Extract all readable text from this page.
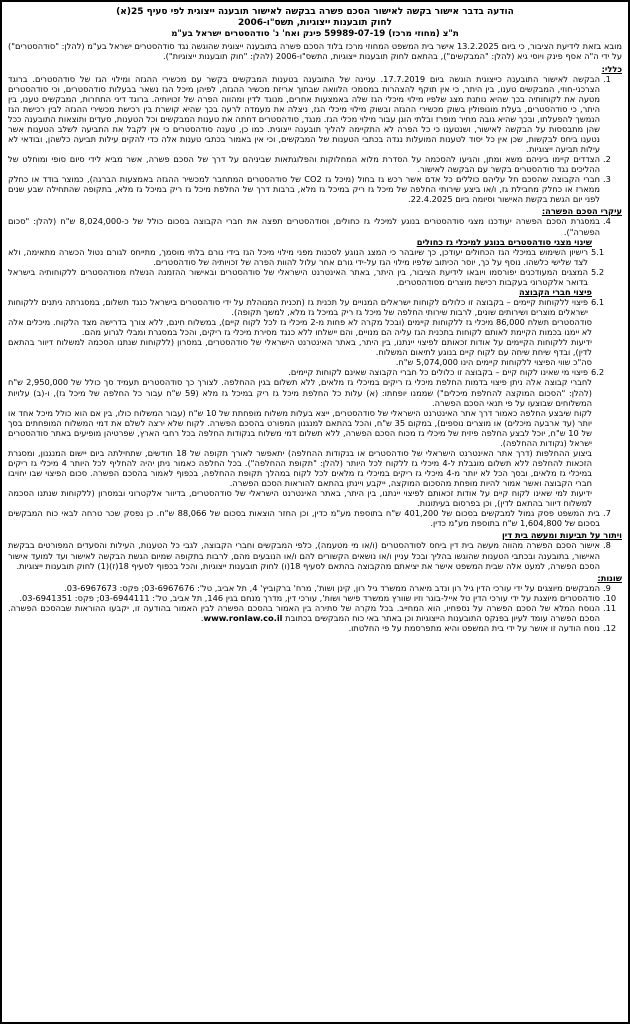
הודעה בדבר אישור בקשה לאישור הסכם פשרה בבקשה לאישור תובענה ייצוגית לפי סעיף 25(א)

לחוק תובענות ייצוגיות, תשס"ו-2006

ת"צ (מחוזי מרכז) 59989-07-19 פינק ואח' נ' סודהסטרים ישראל בע"מ

מובא בזאת לידיעת הציבור, כי ביום 13.2.2025 אישר בית המשפט המחוזי מרכז בלוד הסכם פשרה בתובענה ייצוגית שהוגשה נגד סודהסטרים ישראל בע"מ (להלן: "סודהסטרים") על ידי ה"ה אסף פינק ויוסי גיא (להלן: "המבקשים"), בהתאם לחוק תובענות ייצוגיות, התשס"ו-2006 (להלן: "חוק תובענות ייצוגיות").

כללי:
1.
הבקשה לאישור התובענה כייצוגית הוגשה ביום 17.7.2019. עניינה של התובענה בטענות המבקשים בקשר עם מכשירי ההגזה ומילוי הגז של סודהסטרים. ברוגד הצרכני-חוזי, המבקשים טענו, בין היתר, כי אין תוקף להצהרות במסמכי הלוואה שבתוך אריזת מכשיר ההגזה, לפיהן מיכל הגז נשאר בבעלות סודהסטרים, וכי סודהסטרים מטעה את לקוחותיה בכך שהיא נותנת מצג שלפיו מילוי מיכלי הגז שלה באמצעות אחרים, מנוגד לדין ומהווה הפרה של זכויותיה. ברוגד דיני התחרות, המבקשים טענו, בין היתר, כי סודהסטרים, בעלת מונופולין בשוק מכשירי ההגזה ובשוק מילוי מיכלי הגז, ניצלה את מעמדה לרעה בכך שהיא קושרת בין רכישת מכשירי ההגזה לבין רכישת הגז הנמשך להפעלתו, ובכך שהיא גובה מחיר מופרז ובלתי הוגן עבור מילוי מכלי הגז. מנגד, סודהסטרים דחתה את טענות המבקשים וכל הטענות, סעדים ותוצאות התובענה ככל שהן מתבססות על הבקשה לאישור, ושנטענו כי כל הפרה לא התקיימה להליך תובענה ייצוגית. כמו כן, טענה סודהסטרים כי אין לקבל את התביעה לשלב הטענות אשר נטענו ביחס לבקשות, שכן אין כל יסוד לטענות המועלות נגדה בכתבי הטענות של המבקשים, וכי אין באמור בכתבי טענות אלה כדי להקים עילות תביעה כלשהן, ובודאי לא עילות תביעה ייצוגיות.
2.
הצדדים קיימו ביניהם משא ומתן, והגיעו להסכמה על הסדרת מלוא המחלוקות והפלוגתאות שביניהם על דרך של הסכם פשרה, אשר מביא לידי סיום סופי ומוחלט של ההליכים נגד סודהסטרים בקשר עם הבקשה לאישור.
3.
חברי הקבוצה שהסכם חל עליהם כוללים כל אדם אשר רכש גז בחול (מיכל גז CO2 של סודהסטרים המתחבר למכשיר ההגזה באמצעות הברגה), כמוצר בודד או כחלק ממארז או כחלק מחבילת גז, ו/או ביצע שירותי החלפה של מיכל גז ריק במיכל גז מלא, ברבות דרך של החלפת מיכל גז ריק במיכל גז מלא, בתקופה שהתחילה שבע שנים לפני יום הגשת בקשת האישור וסיומה ביום 22.4.2025.
עיקרי הסכם הפשרה:
4.
במסגרת הסכם הפשרה יעודכנו מצגי סודהסטרים בנוגע למיכלי גז כחולים, וסודהסטרים תפצה את חברי הקבוצה בסכום כולל של כ-8,024,000 ש"ח (להלן: "סכום הפשרה").
שינוי מצגי סודהסטרים בנוגע למיכלי גז כחולים
5.1
רישיון השימוש במיכלי הגז הכחולים יעודכן, כך שיובהר כי המצג הנוגע לסכנות מפני מילוי מיכל הגז בידי גורם בלתי מוסמך, מתייחס לגורם נטול הכשרה מתאימה, ולא לצד שלישי כלשהו. נוסף על כך, יוסר הכיתוב שלפיו מילוי הגז על-ידי גורם אחר עלול להוות הפרה של זכויותיה של סודהסטרים.
5.2
המצגים המעודכנים יפורסמו ויובאו לידיעת הציבור, בין היתר, באתר האינטרנט הישראלי של סודהסטרים ובאישור ההזמנה הנשלח מסודהסטרים ללקוחותיה בישראל בדואר אלקטרוני בעקבות רכישת מוצרים מסודהסטרים.
פיצוי חברי הקבוצה
6.1
פיצוי ללקוחות קיימים – בקבוצה זו כלולים לקוחות ישראלים המנויים על תכנית גז (תכנית המנוהלת על ידי סודהסטרים בישראל כנגד תשלום, במסגרתה ניתנים ללקוחות ישראלים מוצרים ושירותים שונים, לרבות שירותי החלפה של מיכל גז ריק במיכל גז מלא, למשך תקופה).

סודהסטרים תשלח 86,000 מיכלי גז ללקוחות קיימים (ובכל מקרה לא פחות מ-2 מיכלי גז לכל לקוח קיים), במשלוח חינם, ללא צורך בדרישה מצד הלקוח. מיכלים אלה לא יימנו בכמות הקיימת לאותם לקוחות בתכנית הגז עליה הם מנויים, והם יישלחו ללא כנגד מסירת מיכלי גז ריקים, והכל במסגרת ומבלי לגרוע מהם.

ידיעות ללקוחות הקיימים על אודות זכאותם לפיצוי יינתנו, בין היתר, באתר האינטרנט הישראלי של סודהסטרים, במסרון (ללקוחות שנתנו הסכמה למשלוח דיוור בהתאם לדין), ובדף שיחת שיחה עם לקוח קיים בנוגע לתיאום המשלוח.

סה"כ שווי הפיצוי ללקוחות קיימים הינו 5,074,000 ש"ח.

6.2
פיצוי מי שאינו לקוח קיים – בקבוצה זו כלולים כל חברי הקבוצה שאינם לקוחות קיימים.

לחברי קבוצה אלה ניתן פיצוי בדמות החלפת מיכלי גז ריקים במיכלי גז מלאים, ללא תשלום בגין ההחלפה. לצורך כך סודהסטרים תעמיד סך כולל של 2,950,000 ש"ח (להלן: "הסכום המוקצה להחלפת מיכלים") שממנו יופחתו: (א) עלות כל החלפת מיכל גז ריק במיכל גז מלא (59 ש"ח עבור כל החלפה של מיכל גז), ו-(ב) עלויות המשלוחים שבוצעו על פי תנאי הסכם הפשרה.

לקוח שיבצע החלפה כאמור דרך אתר האינטרנט הישראלי של סודהסטרים, ייצא בעלות משלוח מופחתת של 10 ש"ח (עבור המשלוח כולו, בין אם הוא כולל מיכל אחד או יותר (עד ארבעה מיכלים) או מוצרים נוספים), במקום 35 ש"ח, והכל בהתאם למנגנון המפורט בהסכם הפשרה. לקוח שלא ירצה לשלם את דמי המשלוח המופחתים בסך של 10 ש"ח, יוכל לבצע החלפה פיזית של מיכלי גז מכוח הסכם הפשרה, ללא תשלום דמי משלוח בנקודות החלפה בכל רחבי הארץ, שפרטיהן מופיעים באתר סודהסטרים ישראל (נקודות ההחלפה).

ביצוע ההחלפות (דרך אתר האינטרנט הישראלי של סודהסטרים או בנקודות ההחלפה) יתאפשר לאורך תקופה של 18 חודשים, שתחילתה ביום יישום המנגנון, ומסגרת הזכאות להחלפה ללא תשלום מוגבלת ל-4 מיכלי גז ללקוח לכל היותר (להלן: "תקופת ההחלפה"). בכל החלפה כאמור ניתן יהיה להחליף לכל היותר 4 מיכלי גז ריקים במיכלי גז מלאים, ובסך הכל לא יותר מ-4 מיכלי גז ריקים במיכלי גז מלאים לכל לקוח במהלך תקופת ההחלפה, בכפוף לאמור בהסכם הפשרה. סכום הפיצוי שבו יחויבו חברי הקבוצה ואשר אמור להיות מופחת מהסכום המוקצה, ייקבע ויינתן בהתאם להוראות הסכם הפשרה.

ידיעות למי שאינו לקוח קיים על אודות זכאותם לפיצוי יינתנו, בין היתר, באתר האינטרנט הישראלי של סודהסטרים, בדיוור אלקטרוני ובמסרון (ללקוחות שנתנו הסכמה למשלוח דיוור בהתאם לדין), וכן בפרסום בעיתונות.

7.
בית המשפט פסק גמול למבקשים בסכום של 401,200 ש"ח בתוספת מע"מ כדין, וכן החזר הוצאות בסכום של 88,066 ש"ח. כן נפסק שכר טרחה לבאי כוח המבקשים בסכום של 1,604,800 ש"ח בתוספת מע"מ כדין.
ויתור על תביעות ומעשה בית דין
8.
אישור הסכם הפשרה מהווה מעשה בית דין ביחס לסודהסטרים (ו/או מי מטעמה), כלפי המבקשים וחברי הקבוצה, לגבי כל הטענות, העילות והסעדים המפורטים בבקשת האישור, בתובענה ובכתבי הטענות שהוגשו בהליך ובכל עניין ו/או נושאים הקשורים להם ו/או הנובעים מהם, לרבות בתקופה שמיום הגשת הבקשה לאישור ועד למועד אישור הסכם הפשרה, למעט אלה שבית המשפט אישר את יציאתם מהקבוצה בהתאם לסעיף 18(ו) לחוק תובענות ייצוגיות, והכל בכפוף לסעיף 18(ז)(1) לחוק תובענות ייצוגיות.
שונות:
9.
המבקשים מיוצגים על ידי עורכי הדין גיל רון ונדב מיארה ממשרד גיל רון, קינן ושות', מרח' ברקוביץ' 4, תל אביב, טל': 03-6967676; פקס: 03-6967673.
10.
סודהסטרים מיוצגת על ידי עורכי הדין טל אייל-בוגר וזיו שוורץ ממשרד פישר ושות', עורכי דין, מדרך מנחם בגין 146, תל אביב, טל': 03-6944111; פקס: 03-6941351.
11.
הנוסח המלא של הסכם הפשרה על נספחיו, הוא המחייב. בכל מקרה של סתירה בין האמור בהסכם הפשרה לבין האמור בהודעה זו, יקבעו ההוראות שבהסכם הפשרה. הסכם הפשרה עומד לעיון בפנקס התובענות הייצוגיות וכן באתר באי כוח המבקשים בכתובת www.ronlaw.co.il.
12.
נוסח הודעה זו אושר על ידי בית המשפט והיא מתפרסמת על פי החלטתו.
